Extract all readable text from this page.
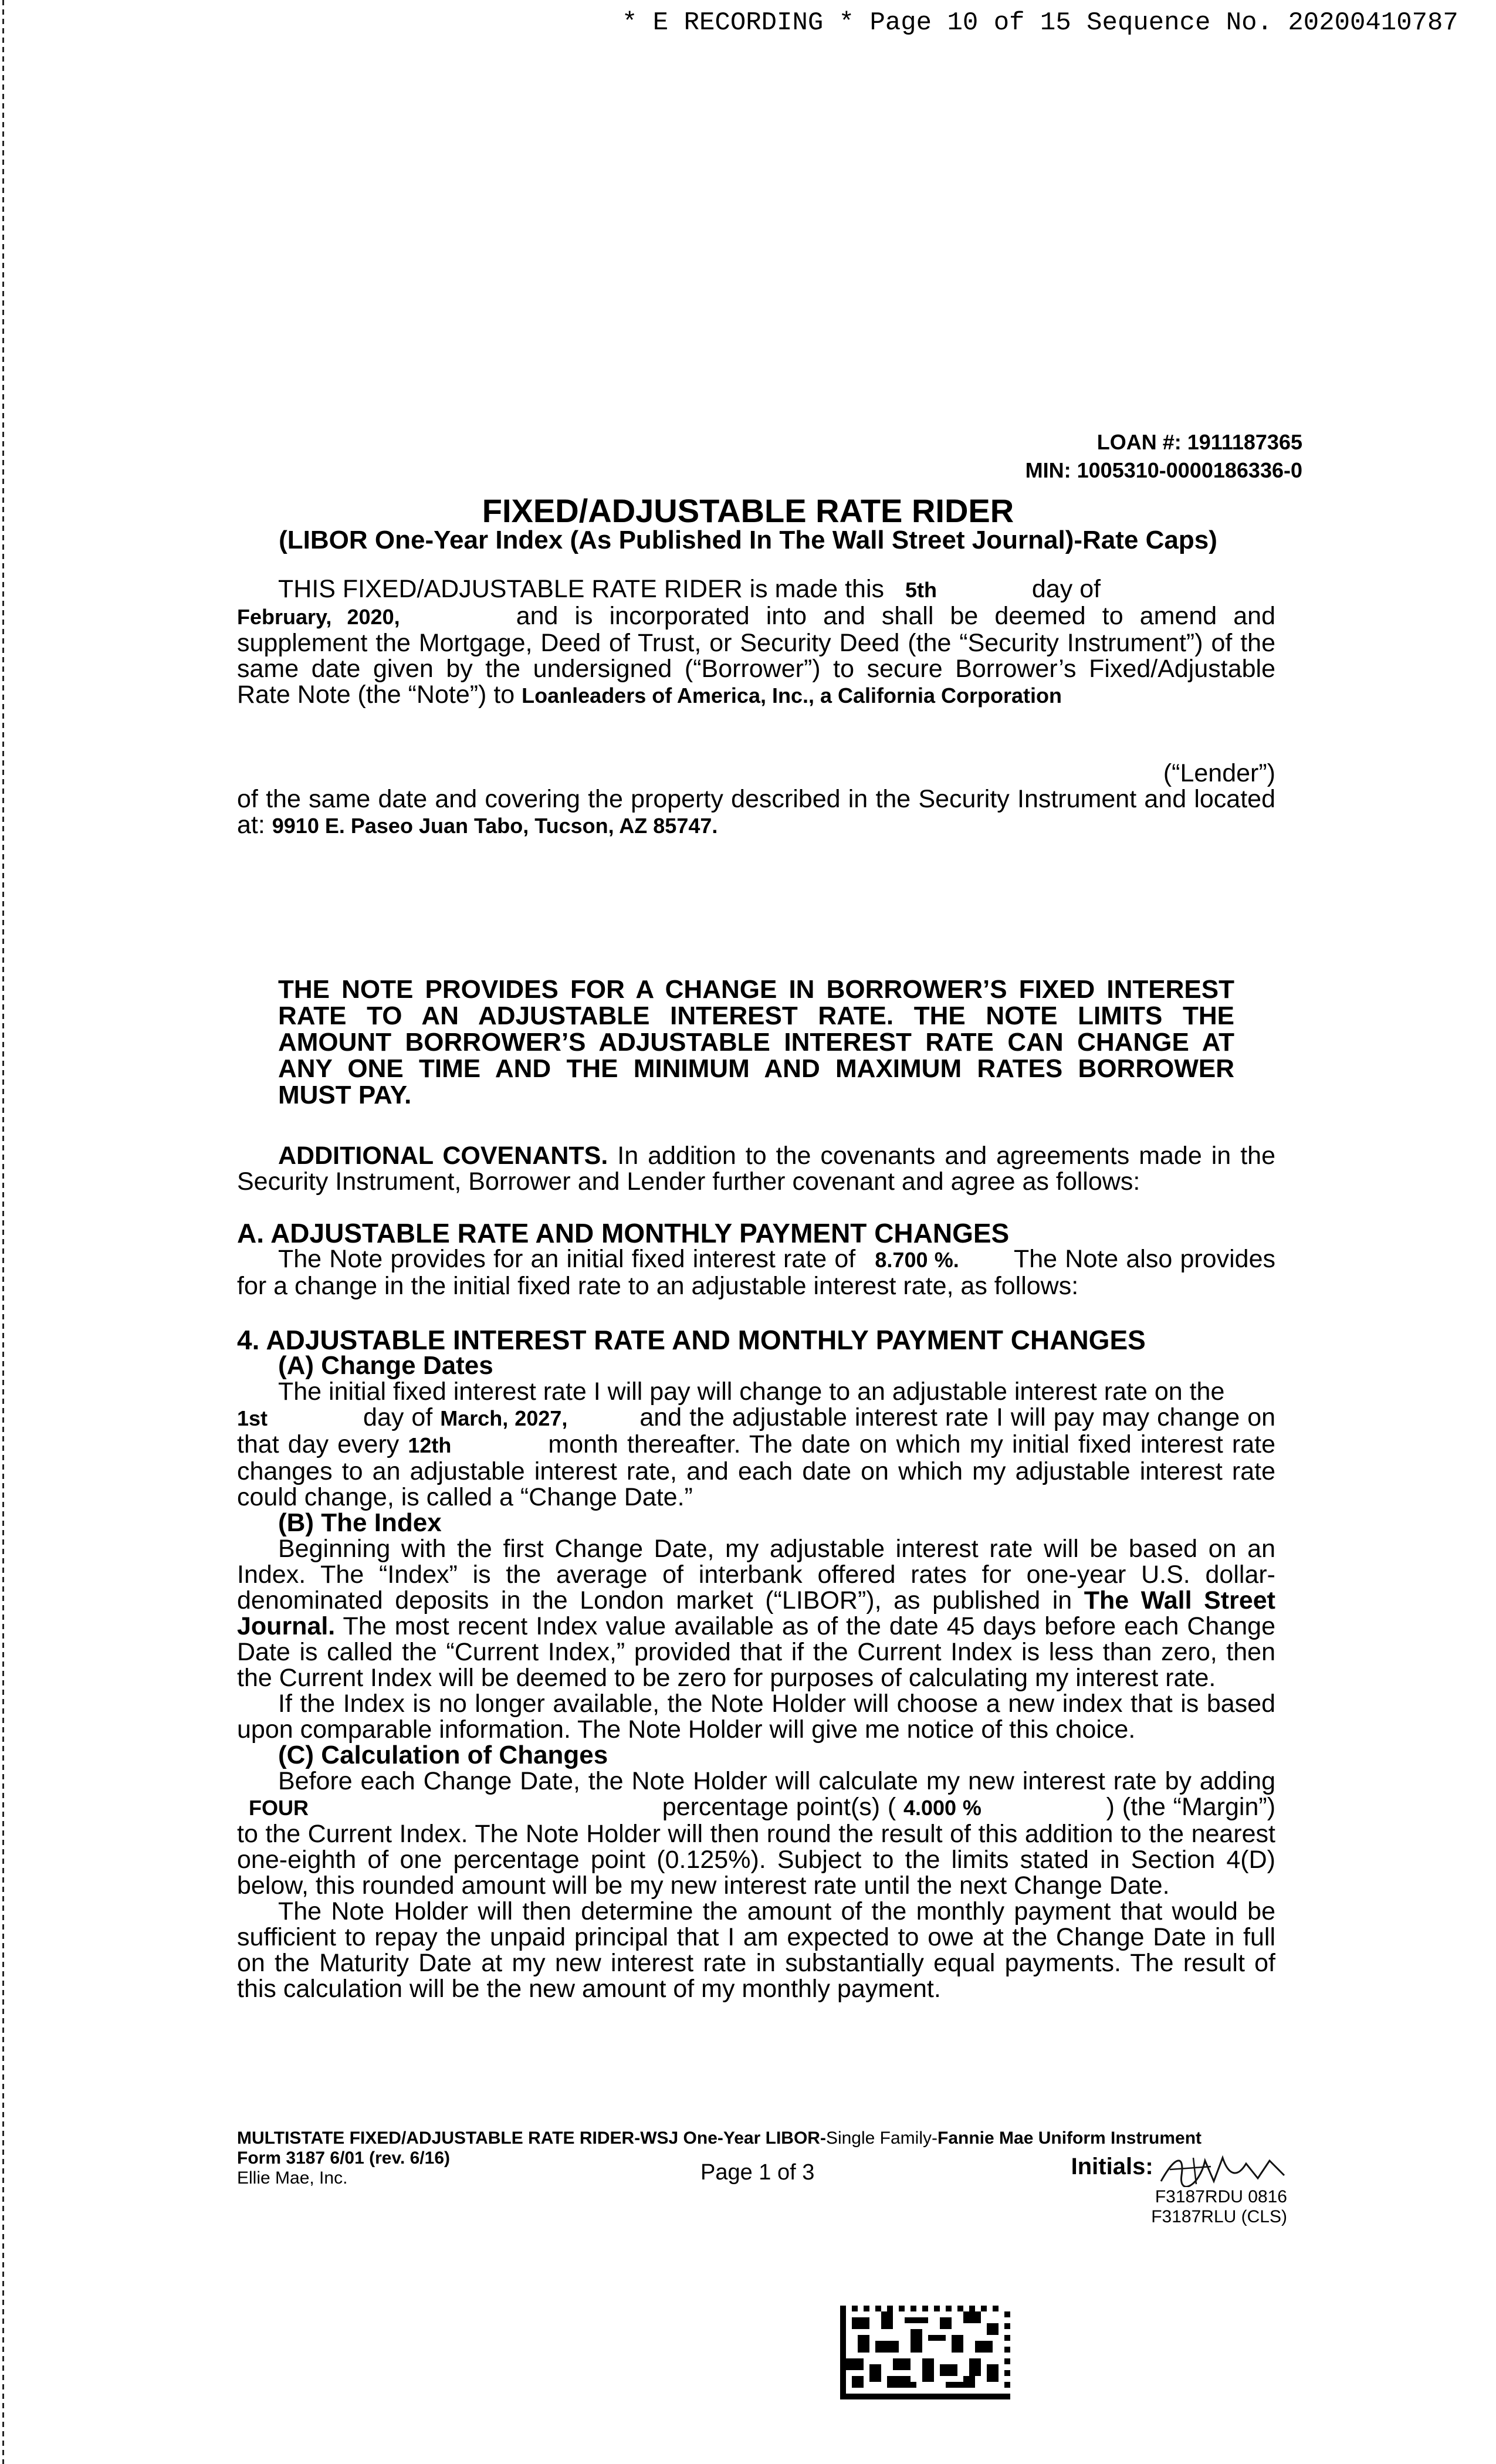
* E RECORDING * Page 10 of 15 Sequence No. 20200410787
LOAN #: 1911187365
MIN: 1005310-0000186336-0
FIXED/ADJUSTABLE RATE RIDER
(LIBOR One-Year Index (As Published In The Wall Street Journal)-Rate Caps)
THIS FIXED/ADJUSTABLE RATE RIDER is made this 5th	day of
February, 2020,	and is incorporated into and shall be deemed to amend and supplement the Mortgage, Deed of Trust, or Security Deed (the “Security Instrument”) of the same date given by the undersigned (“Borrower”) to secure Borrower’s Fixed/Adjustable Rate Note (the “Note”) to Loanleaders of America, Inc., a California Corporation
(“Lender”)
of the same date and covering the property described in the Security Instrument and located at: 9910 E. Paseo Juan Tabo, Tucson, AZ 85747.
THE NOTE PROVIDES FOR A CHANGE IN BORROWER’S FIXED INTEREST RATE TO AN ADJUSTABLE INTEREST RATE. THE NOTE LIMITS THE AMOUNT BORROWER’S ADJUSTABLE INTEREST RATE CAN CHANGE AT ANY ONE TIME AND THE MINIMUM AND MAXIMUM RATES BORROWER MUST PAY.
ADDITIONAL COVENANTS. In addition to the covenants and agreements made in the Security Instrument, Borrower and Lender further covenant and agree as follows:
A. ADJUSTABLE RATE AND MONTHLY PAYMENT CHANGES
The Note provides for an initial fixed interest rate of 8.700 %. The Note also provides for a change in the initial fixed rate to an adjustable interest rate, as follows:
4. ADJUSTABLE INTEREST RATE AND MONTHLY PAYMENT CHANGES
(A) Change Dates
The initial fixed interest rate I will pay will change to an adjustable interest rate on the
1st	day of March, 2027,	and the adjustable interest rate I will pay may change on that day every 12th	month thereafter. The date on which my initial fixed interest rate changes to an adjustable interest rate, and each date on which my adjustable interest rate could change, is called a “Change Date.”
(B) The Index
Beginning with the first Change Date, my adjustable interest rate will be based on an Index. The “Index” is the average of interbank offered rates for one-year U.S. dollar-denominated deposits in the London market (“LIBOR”), as published in The Wall Street Journal. The most recent Index value available as of the date 45 days before each Change Date is called the “Current Index,” provided that if the Current Index is less than zero, then the Current Index will be deemed to be zero for purposes of calculating my interest rate.
If the Index is no longer available, the Note Holder will choose a new index that is based upon comparable information. The Note Holder will give me notice of this choice.
(C) Calculation of Changes
Before each Change Date, the Note Holder will calculate my new interest rate by adding FOUR	percentage point(s) ( 4.000 %	) (the “Margin”) to the Current Index. The Note Holder will then round the result of this addition to the nearest one-eighth of one percentage point (0.125%). Subject to the limits stated in Section 4(D) below, this rounded amount will be my new interest rate until the next Change Date.
The Note Holder will then determine the amount of the monthly payment that would be sufficient to repay the unpaid principal that I am expected to owe at the Change Date in full on the Maturity Date at my new interest rate in substantially equal payments. The result of this calculation will be the new amount of my monthly payment.
MULTISTATE FIXED/ADJUSTABLE RATE RIDER-WSJ One-Year LIBOR-Single Family-Fannie Mae Uniform Instrument
Form 3187 6/01 (rev. 6/16)
Ellie Mae, Inc.	Page 1 of 3	Initials:
F3187RDU 0816
F3187RLU (CLS)
